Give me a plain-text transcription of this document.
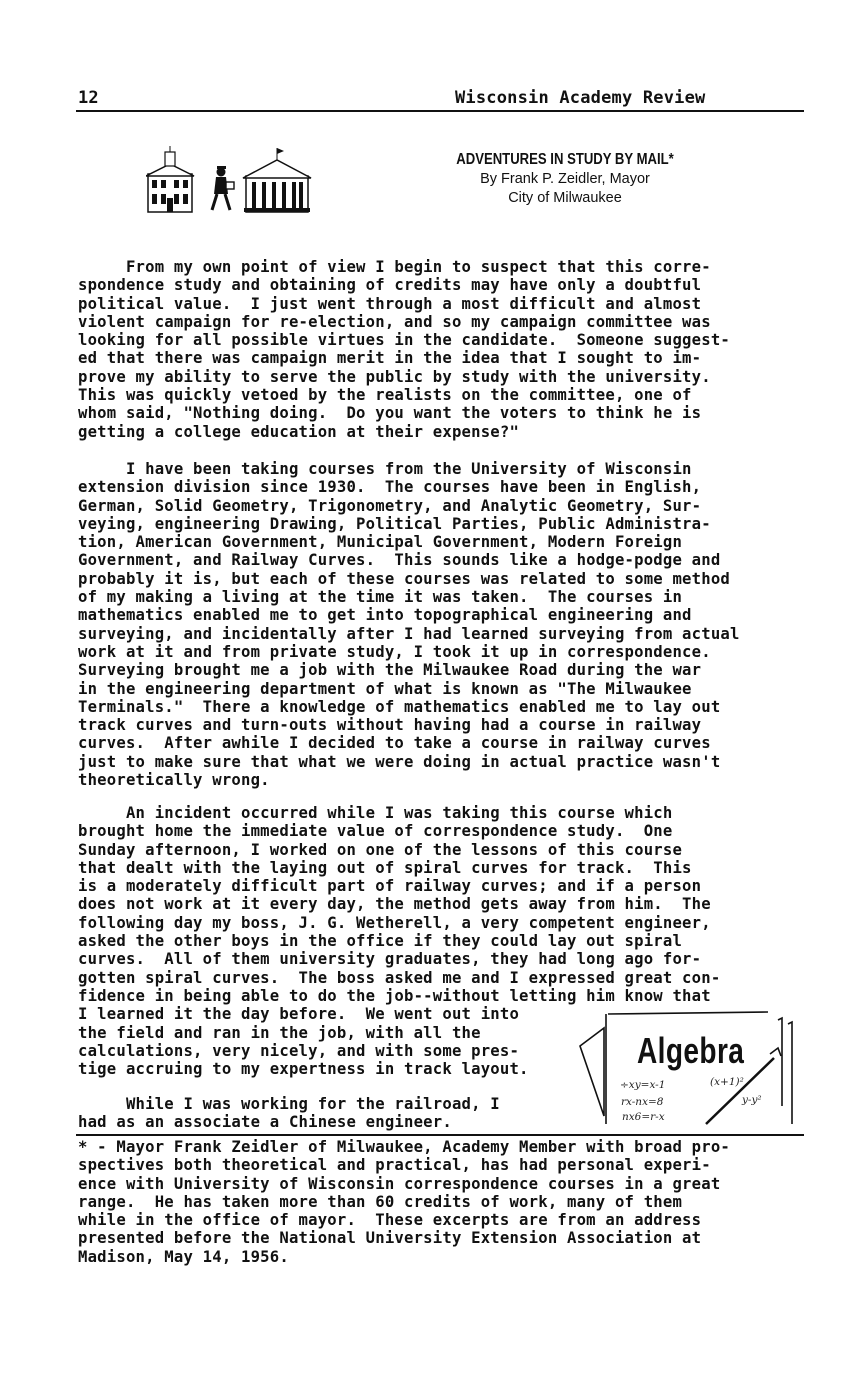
12	Wisconsin Academy Review
ADVENTURES IN STUDY BY MAIL*
By Frank P. Zeidler, Mayor
City of Milwaukee

From my own point of view I begin to suspect that this corre-
spondence study and obtaining of credits may have only a doubtful
political value.  I just went through a most difficult and almost
violent campaign for re-election, and so my campaign committee was
looking for all possible virtues in the candidate.  Someone suggest-
ed that there was campaign merit in the idea that I sought to im-
prove my ability to serve the public by study with the university.
This was quickly vetoed by the realists on the committee, one of
whom said, "Nothing doing.  Do you want the voters to think he is
getting a college education at their expense?"

I have been taking courses from the University of Wisconsin
extension division since 1930.  The courses have been in English,
German, Solid Geometry, Trigonometry, and Analytic Geometry, Sur-
veying, engineering Drawing, Political Parties, Public Administra-
tion, American Government, Municipal Government, Modern Foreign
Government, and Railway Curves.  This sounds like a hodge-podge and
probably it is, but each of these courses was related to some method
of my making a living at the time it was taken.  The courses in
mathematics enabled me to get into topographical engineering and
surveying, and incidentally after I had learned surveying from actual
work at it and from private study, I took it up in correspondence.
Surveying brought me a job with the Milwaukee Road during the war
in the engineering department of what is known as "The Milwaukee
Terminals."  There a knowledge of mathematics enabled me to lay out
track curves and turn-outs without having had a course in railway
curves.  After awhile I decided to take a course in railway curves
just to make sure that what we were doing in actual practice wasn't
theoretically wrong.

An incident occurred while I was taking this course which
brought home the immediate value of correspondence study.  One
Sunday afternoon, I worked on one of the lessons of this course
that dealt with the laying out of spiral curves for track.  This
is a moderately difficult part of railway curves; and if a person
does not work at it every day, the method gets away from him.  The
following day my boss, J. G. Wetherell, a very competent engineer,
asked the other boys in the office if they could lay out spiral
curves.  All of them university graduates, they had long ago for-
gotten spiral curves.  The boss asked me and I expressed great con-
fidence in being able to do the job--without letting him know that
I learned it the day before.  We went out into
the field and ran in the job, with all the
calculations, very nicely, and with some pres-
tige accruing to my expertness in track layout.

While I was working for the railroad, I
had as an associate a Chinese engineer.

Algebra
÷xy=x-1	(x+1)²
rx-nx=8	y-y²
nx6=r-x

* - Mayor Frank Zeidler of Milwaukee, Academy Member with broad pro-
spectives both theoretical and practical, has had personal experi-
ence with University of Wisconsin correspondence courses in a great
range.  He has taken more than 60 credits of work, many of them
while in the office of mayor.  These excerpts are from an address
presented before the National University Extension Association at
Madison, May 14, 1956.
